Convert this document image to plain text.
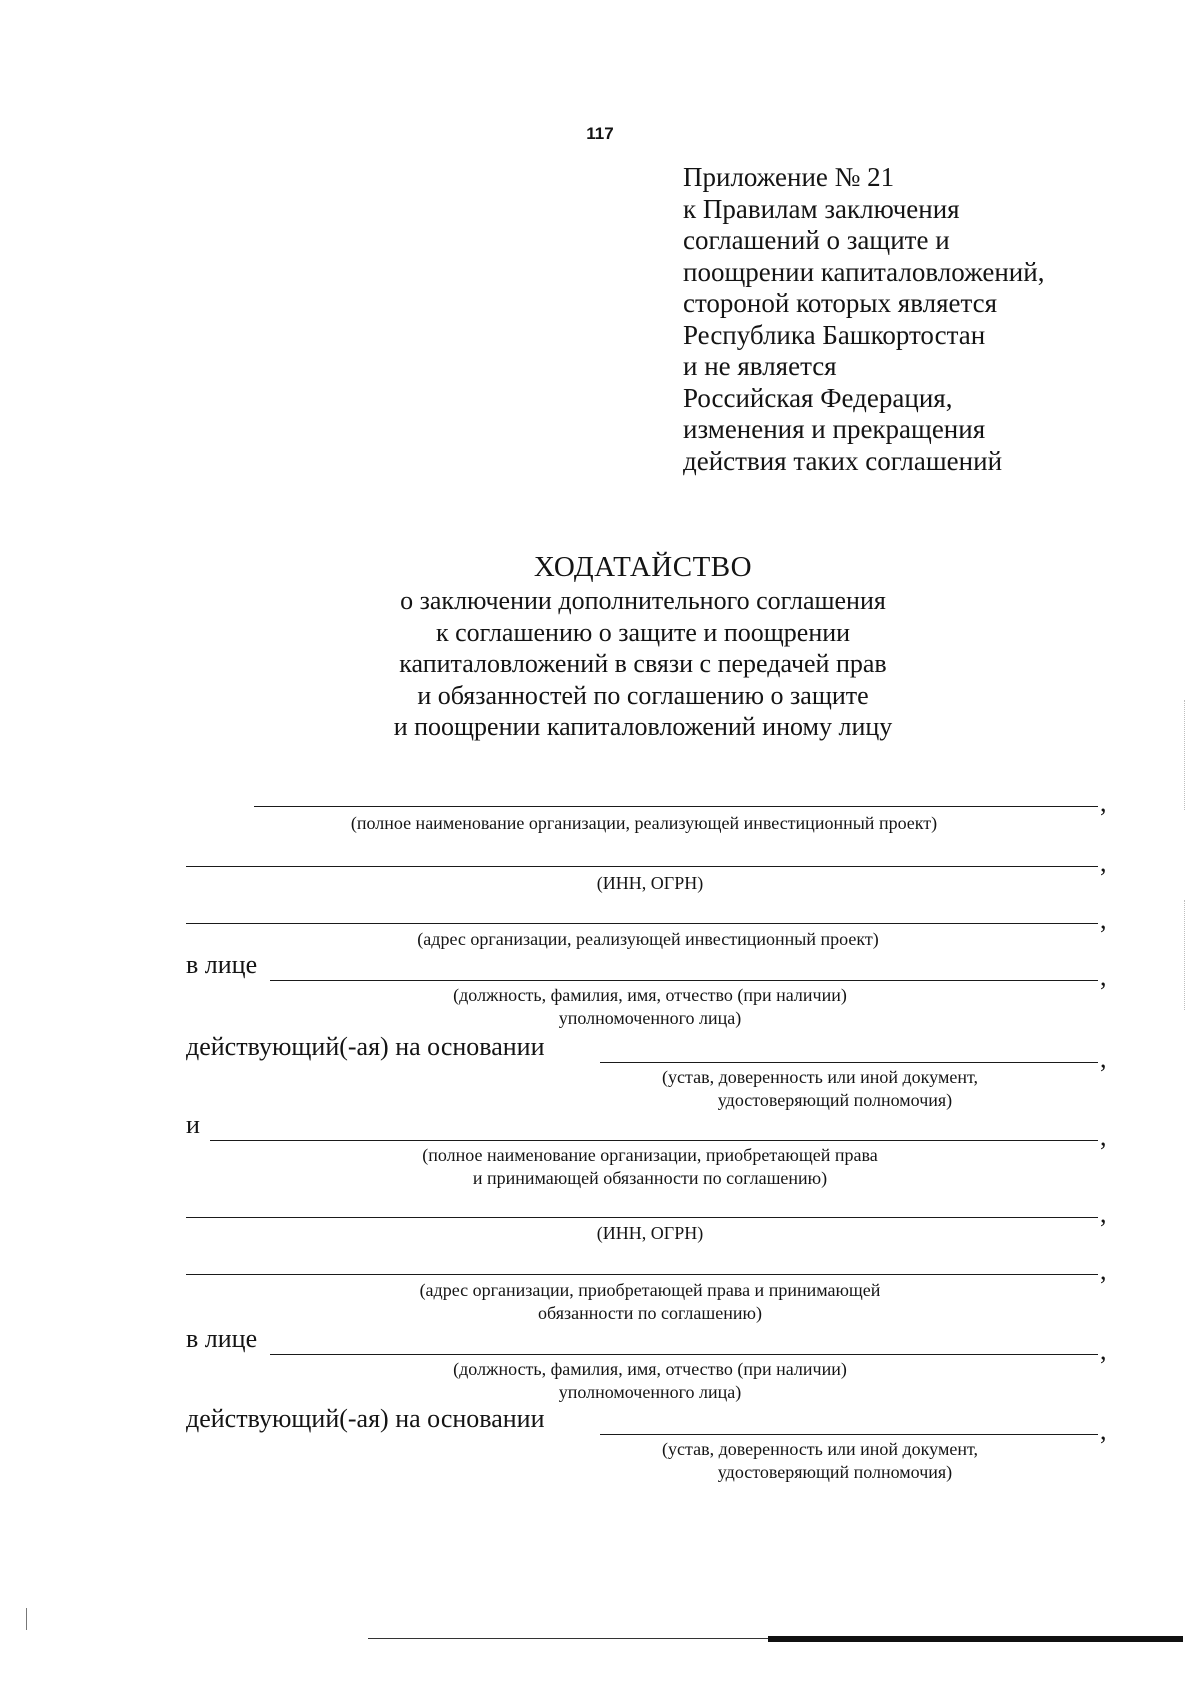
117
Приложение № 21
к Правилам заключения
соглашений о защите и
поощрении капиталовложений,
стороной которых является
Республика Башкортостан
и не является
Российская Федерация,
изменения и прекращения
действия таких соглашений
ХОДАТАЙСТВО
о заключении дополнительного соглашения
к соглашению о защите и поощрении
капиталовложений в связи с передачей прав
и обязанностей по соглашению о защите
и поощрении капиталовложений иному лицу
,
(полное наименование организации, реализующей инвестиционный проект)
,
(ИНН, ОГРН)
,
(адрес организации, реализующей инвестиционный проект)
в лице	,
(должность, фамилия, имя, отчество (при наличии)
уполномоченного лица)
действующий(-ая) на основании	,
(устав, доверенность или иной документ,
удостоверяющий полномочия)
и	,
(полное наименование организации, приобретающей права
и принимающей обязанности по соглашению)
,
(ИНН, ОГРН)
,
(адрес организации, приобретающей права и принимающей
обязанности по соглашению)
в лице	,
(должность, фамилия, имя, отчество (при наличии)
уполномоченного лица)
действующий(-ая) на основании	,
(устав, доверенность или иной документ,
удостоверяющий полномочия)
